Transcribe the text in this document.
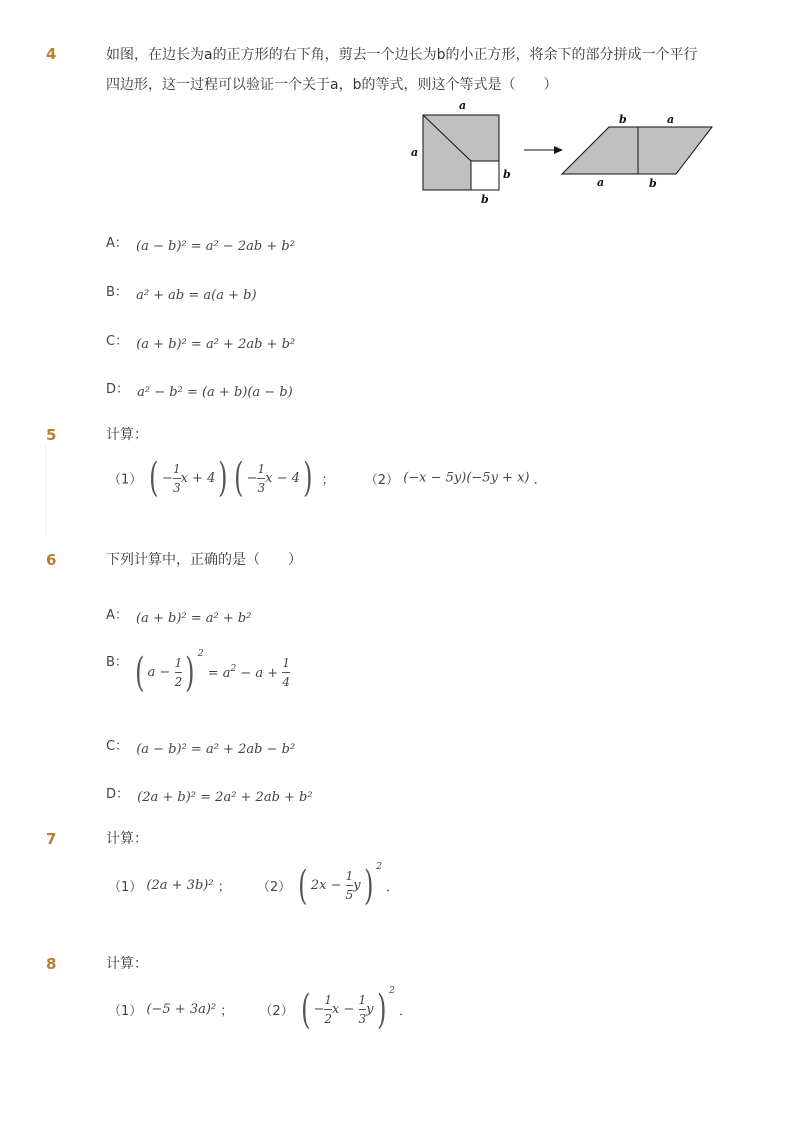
4	如图，在边长为a的正方形的右下角，剪去一个边长为b的小正方形，将余下的部分拼成一个平行
四边形，这一过程可以验证一个关于a，b的等式，则这个等式是（　　）
a
a
b
b
b	a
a	b
A： (a − b)² = a² − 2ab + b²
B： a² + ab = a(a + b)
C： (a + b)² = a² + 2ab + b²
D： a² − b² = (a + b)(a − b)
5	计算：
（1） ( − $\frac{1}{3}$ x + 4) ( − $\frac{1}{3}$ x − 4) ； （2） (−x − 5y)(−5y + x) ．
6	下列计算中，正确的是（　　）
A： (a + b)² = a² + b²
B： ( $a - \frac{1}{2}$ ) $^2 = a^2 - a + \frac{1}{4}$
C： (a − b)² = a² + 2ab − b²
D： (2a + b)² = 2a² + 2ab + b²
7	计算：
（1） (2a + 3b)² ； （2） ( $2x - \frac{1}{5} y$) $^2$ ．
8	计算：
（1） (−5 + 3a)² ； （2） ( − $\frac{1}{2}$ $x - \frac{1}{3} y$) $^2$ ．
